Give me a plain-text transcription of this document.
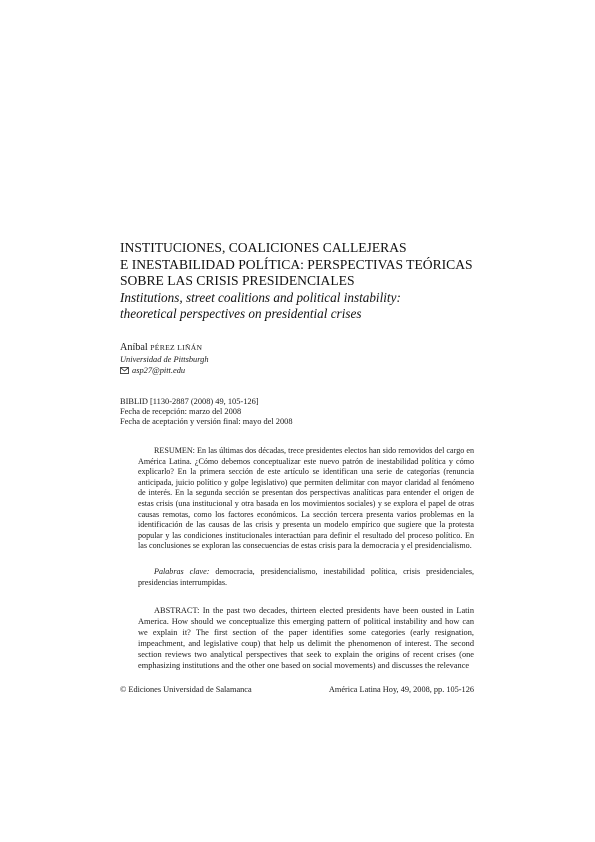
INSTITUCIONES, COALICIONES CALLEJERAS
E INESTABILIDAD POLÍTICA: PERSPECTIVAS TEÓRICAS
SOBRE LAS CRISIS PRESIDENCIALES
Institutions, street coalitions and political instability:
theoretical perspectives on presidential crises
Aníbal PÉREZ LIÑÁN
Universidad de Pittsburgh
asp27@pitt.edu
BIBLID [1130-2887 (2008) 49, 105-126]
Fecha de recepción: marzo del 2008
Fecha de aceptación y versión final: mayo del 2008

RESUMEN: En las últimas dos décadas, trece presidentes electos han sido removidos del cargo en América Latina. ¿Cómo debemos conceptualizar este nuevo patrón de inestabilidad política y cómo explicarlo? En la primera sección de este artículo se identifican una serie de categorías (renuncia anticipada, juicio político y golpe legislativo) que permiten delimitar con mayor claridad al fenómeno de interés. En la segunda sección se presentan dos perspectivas analíticas para entender el origen de estas crisis (una institucional y otra basada en los movimientos sociales) y se explora el papel de otras causas remotas, como los factores económicos. La sección tercera presenta varios problemas en la identificación de las causas de las crisis y presenta un modelo empírico que sugiere que la protesta popular y las condiciones institucionales interactúan para definir el resultado del proceso político. En las conclusiones se exploran las consecuencias de estas crisis para la democracia y el presidencialismo.

Palabras clave: democracia, presidencialismo, inestabilidad política, crisis presidenciales, presidencias interrumpidas.

ABSTRACT: In the past two decades, thirteen elected presidents have been ousted in Latin America. How should we conceptualize this emerging pattern of political instability and how can we explain it? The first section of the paper identifies some categories (early resignation, impeachment, and legislative coup) that help us delimit the phenomenon of interest. The second section reviews two analytical perspectives that seek to explain the origins of recent crises (one emphasizing institutions and the other one based on social movements) and discusses the relevance

© Ediciones Universidad de Salamanca	América Latina Hoy, 49, 2008, pp. 105-126
